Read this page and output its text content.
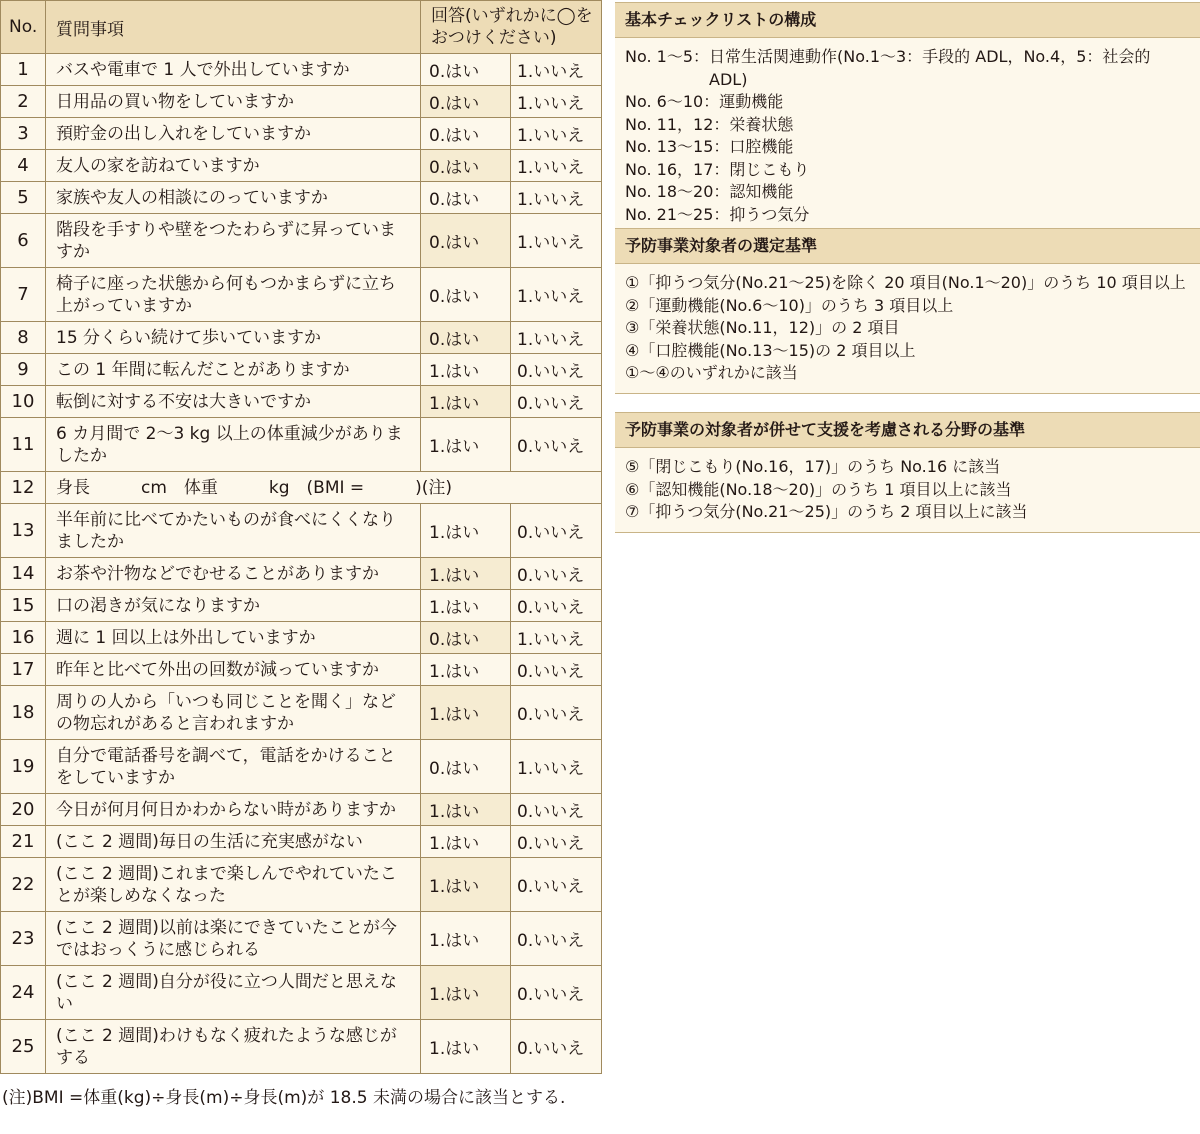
No.	質問事項	回答(いずれかに◯をおつけください)	
1	バスや電車で 1 人で外出していますか	0.はい	1.いいえ
2	日用品の買い物をしていますか	0.はい	1.いいえ
3	預貯金の出し入れをしていますか	0.はい	1.いいえ
4	友人の家を訪ねていますか	0.はい	1.いいえ
5	家族や友人の相談にのっていますか	0.はい	1.いいえ
6	階段を手すりや壁をつたわらずに昇っていますか	0.はい	1.いいえ
7	椅子に座った状態から何もつかまらずに立ち上がっていますか	0.はい	1.いいえ
8	15 分くらい続けて歩いていますか	0.はい	1.いいえ
9	この 1 年間に転んだことがありますか	1.はい	0.いいえ
10	転倒に対する不安は大きいですか	1.はい	0.いいえ
11	6 カ月間で 2〜3 kg 以上の体重減少がありましたか	1.はい	0.いいえ
12	身長　　　cm　体重　　　kg　(BMI =　　　)(注)		
13	半年前に比べてかたいものが食べにくくなりましたか	1.はい	0.いいえ
14	お茶や汁物などでむせることがありますか	1.はい	0.いいえ
15	口の渇きが気になりますか	1.はい	0.いいえ
16	週に 1 回以上は外出していますか	0.はい	1.いいえ
17	昨年と比べて外出の回数が減っていますか	1.はい	0.いいえ
18	周りの人から「いつも同じことを聞く」などの物忘れがあると言われますか	1.はい	0.いいえ
19	自分で電話番号を調べて，電話をかけることをしていますか	0.はい	1.いいえ
20	今日が何月何日かわからない時がありますか	1.はい	0.いいえ
21	(ここ 2 週間)毎日の生活に充実感がない	1.はい	0.いいえ
22	(ここ 2 週間)これまで楽しんでやれていたことが楽しめなくなった	1.はい	0.いいえ
23	(ここ 2 週間)以前は楽にできていたことが今ではおっくうに感じられる	1.はい	0.いいえ
24	(ここ 2 週間)自分が役に立つ人間だと思えない	1.はい	0.いいえ
25	(ここ 2 週間)わけもなく疲れたような感じがする	1.はい	0.いいえ
(注)BMI =体重(kg)÷身長(m)÷身長(m)が 18.5 未満の場合に該当とする.
基本チェックリストの構成
No. 1〜5： 日常生活関連動作(No.1〜3：手段的 ADL，No.4，5：社会的 ADL)
No. 6〜10： 運動機能
No. 11，12： 栄養状態
No. 13〜15： 口腔機能
No. 16，17： 閉じこもり
No. 18〜20： 認知機能
No. 21〜25： 抑うつ気分
予防事業対象者の選定基準
① 「抑うつ気分(No.21〜25)を除く 20 項目(No.1〜20)」のうち 10 項目以上
② 「運動機能(No.6〜10)」のうち 3 項目以上
③ 「栄養状態(No.11，12)」の 2 項目
④ 「口腔機能(No.13〜15)の 2 項目以上
①〜④のいずれかに該当
予防事業の対象者が併せて支援を考慮される分野の基準
⑤ 「閉じこもり(No.16，17)」のうち No.16 に該当
⑥ 「認知機能(No.18〜20)」のうち 1 項目以上に該当
⑦ 「抑うつ気分(No.21〜25)」のうち 2 項目以上に該当
